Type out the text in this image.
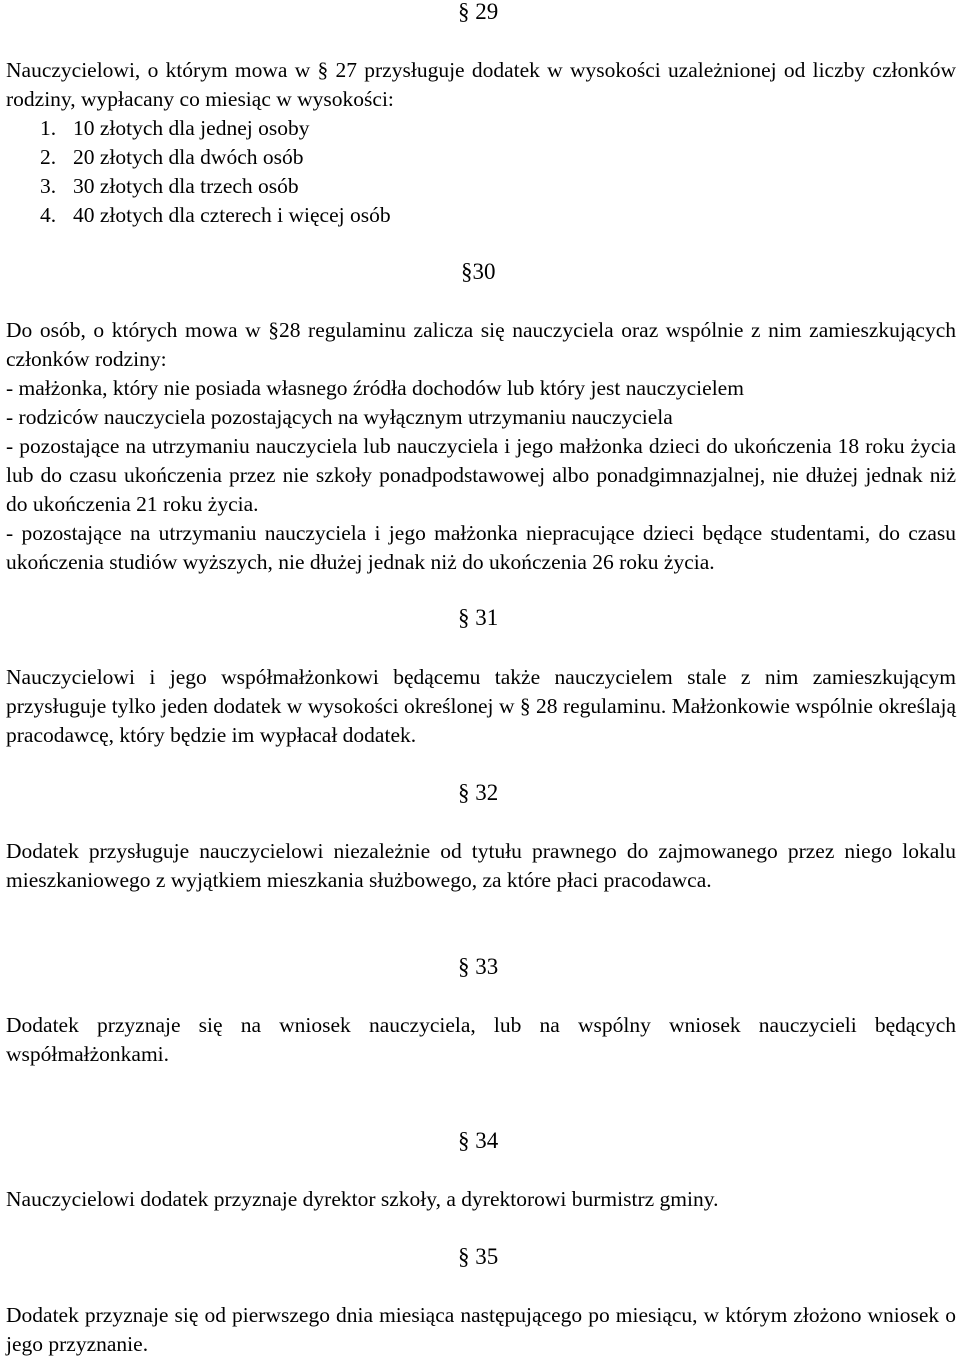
§ 29

Nauczycielowi, o którym mowa w § 27 przysługuje dodatek w wysokości uzależnionej od liczby członków rodziny, wypłacany co miesiąc w wysokości:

1. 10 złotych dla jednej osoby
2. 20 złotych dla dwóch osób
3. 30 złotych dla trzech osób
4. 40 złotych dla czterech i więcej osób
§30

Do osób, o których mowa w §28 regulaminu zalicza się nauczyciela oraz wspólnie z nim zamieszkujących członków rodziny:

- małżonka, który nie posiada własnego źródła dochodów lub który jest nauczycielem

- rodziców nauczyciela pozostających na wyłącznym utrzymaniu nauczyciela

- pozostające na utrzymaniu nauczyciela lub nauczyciela i jego małżonka dzieci do ukończenia 18 roku życia lub do czasu ukończenia przez nie szkoły ponadpodstawowej albo ponadgimnazjalnej, nie dłużej jednak niż do ukończenia 21 roku życia.

- pozostające na utrzymaniu nauczyciela i jego małżonka niepracujące dzieci będące studentami, do czasu ukończenia studiów wyższych, nie dłużej jednak niż do ukończenia 26 roku życia.

§ 31

Nauczycielowi i jego współmałżonkowi będącemu także nauczycielem stale z nim zamieszkującym przysługuje tylko jeden dodatek w wysokości określonej w § 28 regulaminu. Małżonkowie wspólnie określają pracodawcę, który będzie im wypłacał dodatek.

§ 32

Dodatek przysługuje nauczycielowi niezależnie od tytułu prawnego do zajmowanego przez niego lokalu mieszkaniowego z wyjątkiem mieszkania służbowego, za które płaci pracodawca.

§ 33

Dodatek przyznaje się na wniosek nauczyciela, lub na wspólny wniosek nauczycieli będących współmałżonkami.

§ 34

Nauczycielowi dodatek przyznaje dyrektor szkoły, a dyrektorowi burmistrz gminy.

§ 35

Dodatek przyznaje się od pierwszego dnia miesiąca następującego po miesiącu, w którym złożono wniosek o jego przyznanie.
